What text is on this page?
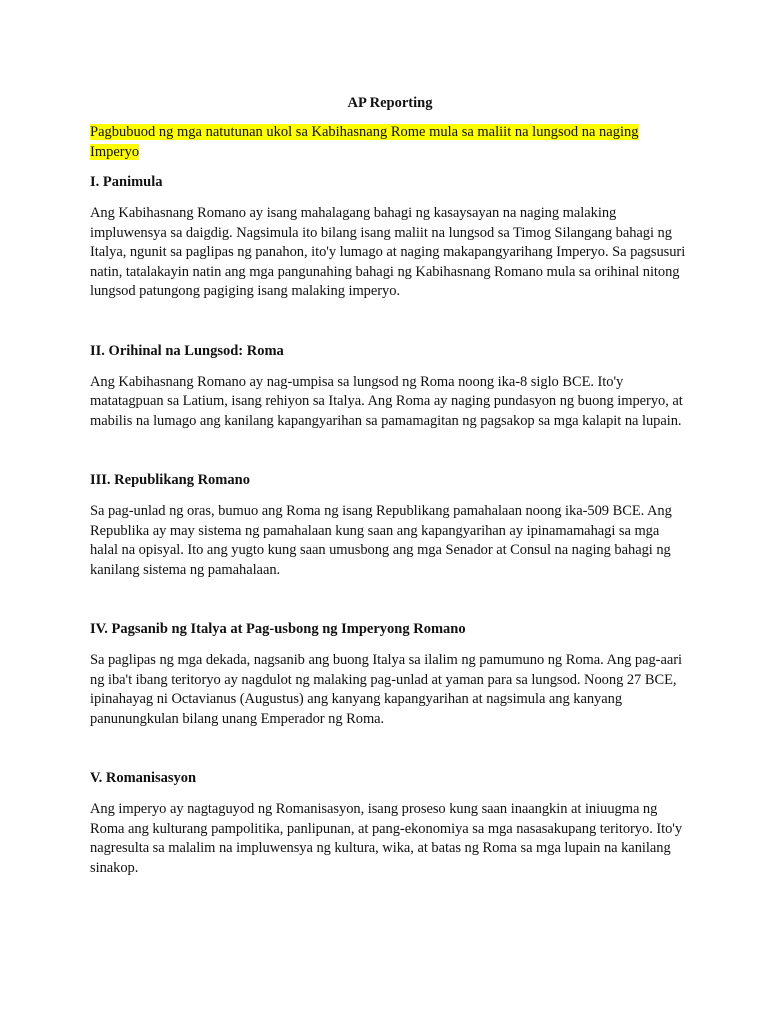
AP Reporting

Pagbubuod ng mga natutunan ukol sa Kabihasnang Rome mula sa maliit na lungsod na naging Imperyo

I. Panimula

Ang Kabihasnang Romano ay isang mahalagang bahagi ng kasaysayan na naging malaking impluwensya sa daigdig. Nagsimula ito bilang isang maliit na lungsod sa Timog Silangang bahagi ng Italya, ngunit sa paglipas ng panahon, ito'y lumago at naging makapangyarihang Imperyo. Sa pagsusuri natin, tatalakayin natin ang mga pangunahing bahagi ng Kabihasnang Romano mula sa orihinal nitong lungsod patungong pagiging isang malaking imperyo.

II. Orihinal na Lungsod: Roma

Ang Kabihasnang Romano ay nag-umpisa sa lungsod ng Roma noong ika-8 siglo BCE. Ito'y matatagpuan sa Latium, isang rehiyon sa Italya. Ang Roma ay naging pundasyon ng buong imperyo, at mabilis na lumago ang kanilang kapangyarihan sa pamamagitan ng pagsakop sa mga kalapit na lupain.

III. Republikang Romano

Sa pag-unlad ng oras, bumuo ang Roma ng isang Republikang pamahalaan noong ika-509 BCE. Ang Republika ay may sistema ng pamahalaan kung saan ang kapangyarihan ay ipinamamahagi sa mga halal na opisyal. Ito ang yugto kung saan umusbong ang mga Senador at Consul na naging bahagi ng kanilang sistema ng pamahalaan.

IV. Pagsanib ng Italya at Pag-usbong ng Imperyong Romano

Sa paglipas ng mga dekada, nagsanib ang buong Italya sa ilalim ng pamumuno ng Roma. Ang pag-aari ng iba't ibang teritoryo ay nagdulot ng malaking pag-unlad at yaman para sa lungsod. Noong 27 BCE, ipinahayag ni Octavianus (Augustus) ang kanyang kapangyarihan at nagsimula ang kanyang panunungkulan bilang unang Emperador ng Roma.

V. Romanisasyon

Ang imperyo ay nagtaguyod ng Romanisasyon, isang proseso kung saan inaangkin at iniuugma ng Roma ang kulturang pampolitika, panlipunan, at pang-ekonomiya sa mga nasasakupang teritoryo. Ito'y nagresulta sa malalim na impluwensya ng kultura, wika, at batas ng Roma sa mga lupain na kanilang sinakop.
